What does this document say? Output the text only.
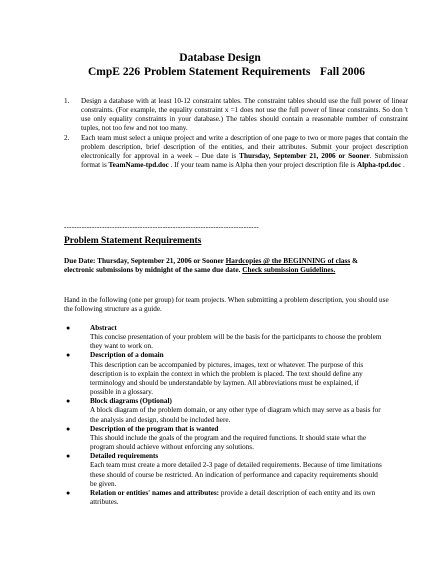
Database Design
CmpE 226 Problem Statement Requirements Fall 2006
1. Design a database with at least 10-12 constraint tables. The constraint tables should use the full power of linear constraints. (For example, the equality constraint x =1 does not use the full power of linear constraints. So don 't use only equality constraints in your database.) The tables should contain a reasonable number of constraint tuples, not too few and not too many.
2. Each team must select a unique project and write a description of one page to two or more pages that contain the problem description, brief description of the entities, and their attributes. Submit your project description electronically for approval in a week – Due date is Thursday, September 21, 2006 or Sooner. Submission format is TeamName-tpd.doc . If your team name is Alpha then your project description file is Alpha-tpd.doc .
-----------------------------------------------------------------------------
Problem Statement Requirements
Due Date: Thursday, September 21, 2006 or Sooner Hardcopies @ the BEGINNING of class & electronic submissions by midnight of the same due date. Check submission Guidelines.
Hand in the following (one per group) for team projects. When submitting a problem description, you should use the following structure as a guide.
●	Abstract
This concise presentation of your problem will be the basis for the participants to choose the problem they want to work on.
●	Description of a domain
This description can be accompanied by pictures, images, text or whatever. The purpose of this description is to explain the context in which the problem is placed. The text should define any terminology and should be understandable by laymen. All abbreviations must be explained, if possible in a glossary.
●	Block diagrams (Optional)
A block diagram of the problem domain, or any other type of diagram which may serve as a basis for the analysis and design, should be included here.
●	Description of the program that is wanted
This should include the goals of the program and the required functions. It should state what the program should achieve without enforcing any solutions.
●	Detailed requirements
Each team must create a more detailed 2-3 page of detailed requirements. Because of time limitations these should of course be restricted. An indication of performance and capacity requirements should be given.
●	Relation or entities' names and attributes: provide a detail description of each entity and its own attributes.
